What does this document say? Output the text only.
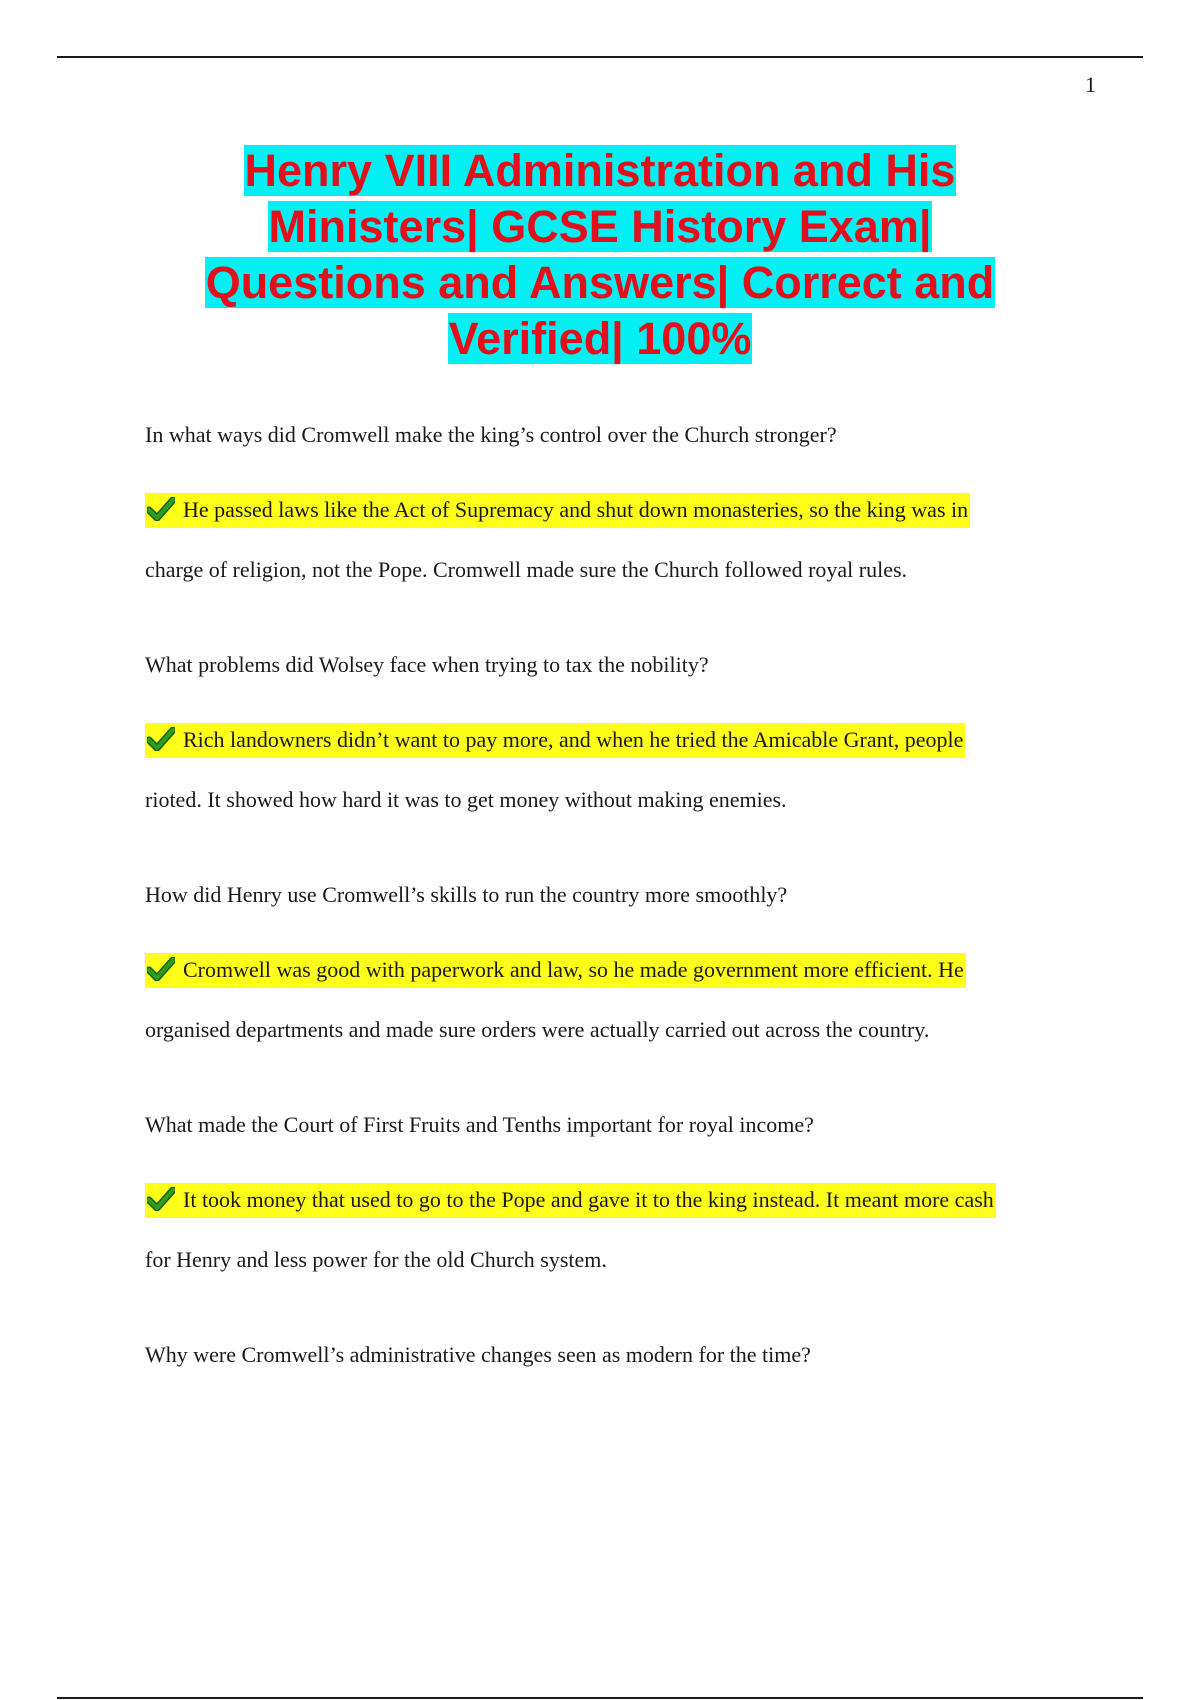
1
Henry VIII Administration and His
Ministers| GCSE History Exam|
Questions and Answers| Correct and
Verified| 100%

In what ways did Cromwell make the king’s control over the Church stronger?

He passed laws like the Act of Supremacy and shut down monasteries, so the king was in
charge of religion, not the Pope. Cromwell made sure the Church followed royal rules.

What problems did Wolsey face when trying to tax the nobility?

Rich landowners didn’t want to pay more, and when he tried the Amicable Grant, people
rioted. It showed how hard it was to get money without making enemies.

How did Henry use Cromwell’s skills to run the country more smoothly?

Cromwell was good with paperwork and law, so he made government more efficient. He
organised departments and made sure orders were actually carried out across the country.

What made the Court of First Fruits and Tenths important for royal income?

It took money that used to go to the Pope and gave it to the king instead. It meant more cash
for Henry and less power for the old Church system.

Why were Cromwell’s administrative changes seen as modern for the time?
